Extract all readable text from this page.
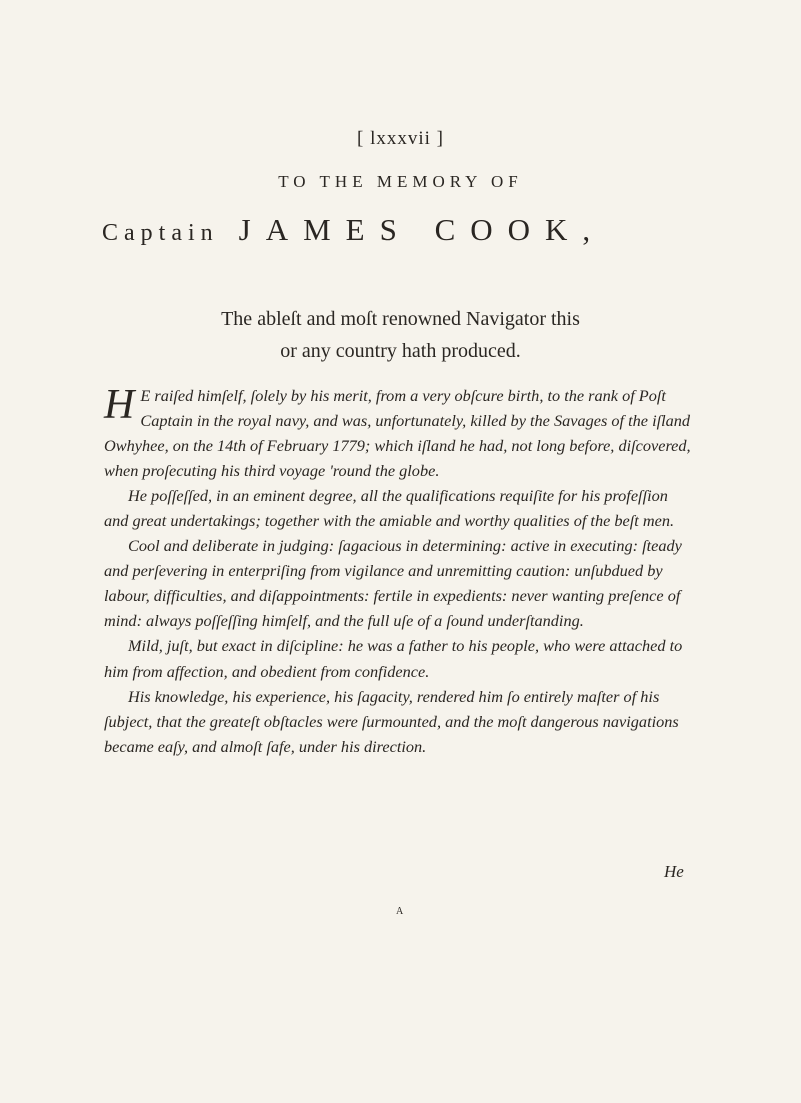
[ lxxxvii ]
TO THE MEMORY OF
Captain JAMES COOK,
The ableſt and moſt renowned Navigator this
or any country hath produced.

H E raiſed himſelf, ſolely by his merit, from a very obſcure birth, to the rank of Poſt Captain in the royal navy, and was, unfortunately, killed by the Savages of the iſland Owhyhee, on the 14th of February 1779; which iſland he had, not long before, diſcovered, when proſecuting his third voyage 'round the globe.

He poſſeſſed, in an eminent degree, all the qualifications requiſite for his profeſſion and great undertakings; together with the amiable and worthy qualities of the beſt men.

Cool and deliberate in judging: ſagacious in determining: active in executing: ſteady and perſevering in enterpriſing from vigilance and unremitting caution: unſubdued by labour, difficulties, and diſappointments: fertile in expedients: never wanting preſence of mind: always poſſeſſing himſelf, and the full uſe of a ſound underſtanding.

Mild, juſt, but exact in diſcipline: he was a father to his people, who were attached to him from affection, and obedient from confidence.

His knowledge, his experience, his ſagacity, rendered him ſo entirely maſter of his ſubject, that the greateſt obſtacles were ſurmounted, and the moſt dangerous navigations became eaſy, and almoſt ſafe, under his direction.

He
A
